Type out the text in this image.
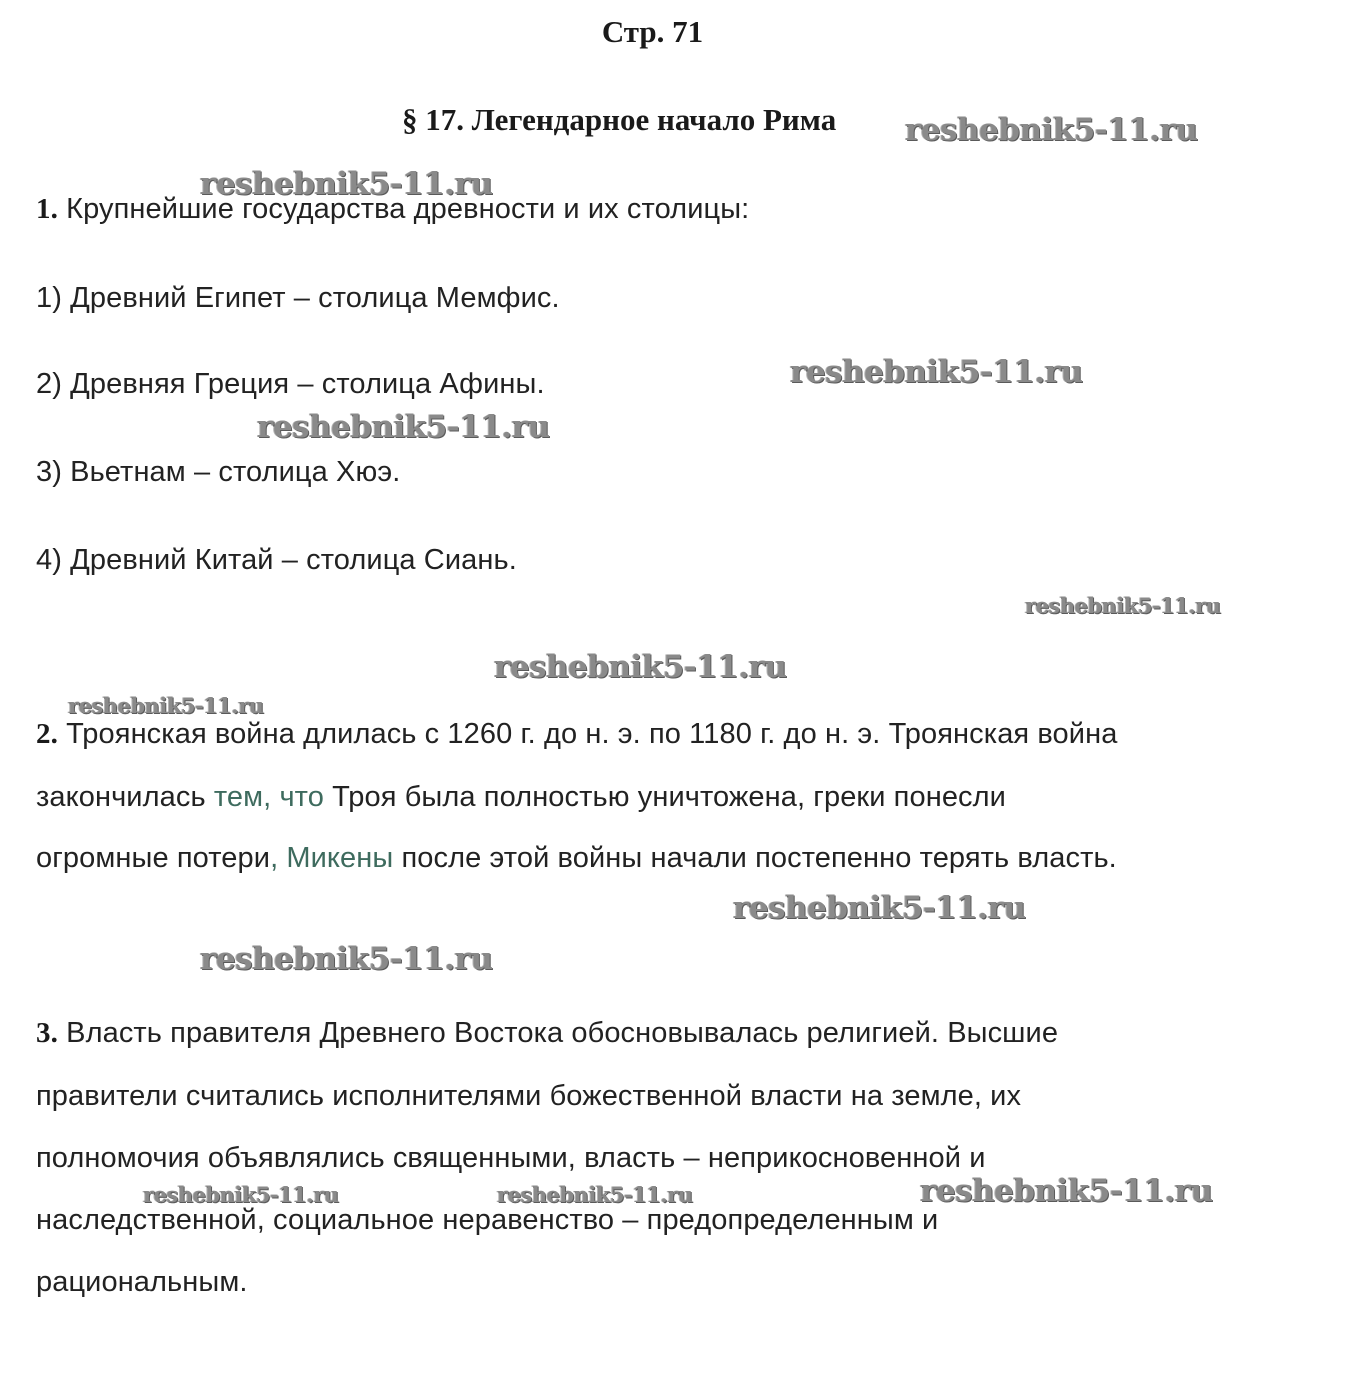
Стр. 71
§ 17. Легендарное начало Рима
1. Крупнейшие государства древности и их столицы:
1) Древний Египет – столица Мемфис.
2) Древняя Греция – столица Афины.
3) Вьетнам – столица Хюэ.
4) Древний Китай – столица Сиань.
2. Троянская война длилась с 1260 г. до н. э. по 1180 г. до н. э. Троянская война
закончилась тем, что Троя была полностью уничтожена, греки понесли
огромные потери, Микены после этой войны начали постепенно терять власть.
3. Власть правителя Древнего Востока обосновывалась религией. Высшие
правители считались исполнителями божественной власти на земле, их
полномочия объявлялись священными, власть – неприкосновенной и
наследственной, социальное неравенство – предопределенным и
рациональным.
reshebnik5-11.ru
reshebnik5-11.ru
reshebnik5-11.ru
reshebnik5-11.ru
reshebnik5-11.ru
reshebnik5-11.ru
reshebnik5-11.ru
reshebnik5-11.ru
reshebnik5-11.ru
reshebnik5-11.ru	reshebnik5-11.ru	reshebnik5-11.ru
